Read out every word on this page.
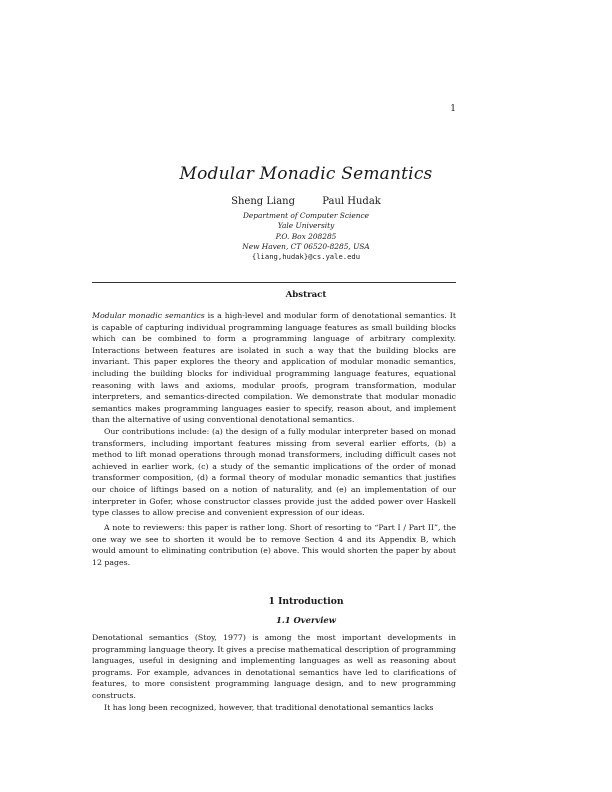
1
Modular Monadic Semantics
Sheng Liang	Paul Hudak
Department of Computer Science
Yale University
P.O. Box 208285
New Haven, CT 06520-8285, USA
{liang,hudak}@cs.yale.edu
Abstract

Modular monadic semantics is a high-level and modular form of denotational semantics. It is capable of capturing individual programming language features as small building blocks which can be combined to form a programming language of arbitrary complexity. Interactions between features are isolated in such a way that the building blocks are invariant. This paper explores the theory and application of modular monadic semantics, including the building blocks for individual programming language features, equational reasoning with laws and axioms, modular proofs, program transformation, modular interpreters, and semantics-directed compilation. We demonstrate that modular monadic semantics makes programming languages easier to specify, reason about, and implement than the alternative of using conventional denotational semantics.

Our contributions include: (a) the design of a fully modular interpreter based on monad transformers, including important features missing from several earlier efforts, (b) a method to lift monad operations through monad transformers, including difficult cases not achieved in earlier work, (c) a study of the semantic implications of the order of monad transformer composition, (d) a formal theory of modular monadic semantics that justifies our choice of liftings based on a notion of naturality, and (e) an implementation of our interpreter in Gofer, whose constructor classes provide just the added power over Haskell type classes to allow precise and convenient expression of our ideas.

A note to reviewers: this paper is rather long. Short of resorting to “Part I / Part II”, the one way we see to shorten it would be to remove Section 4 and its Appendix B, which would amount to eliminating contribution (e) above. This would shorten the paper by about 12 pages.

1 Introduction
1.1 Overview

Denotational semantics (Stoy, 1977) is among the most important developments in programming language theory. It gives a precise mathematical description of programming languages, useful in designing and implementing languages as well as reasoning about programs. For example, advances in denotational semantics have led to clarifications of features, to more consistent programming language design, and to new programming constructs.

It has long been recognized, however, that traditional denotational semantics lacks
